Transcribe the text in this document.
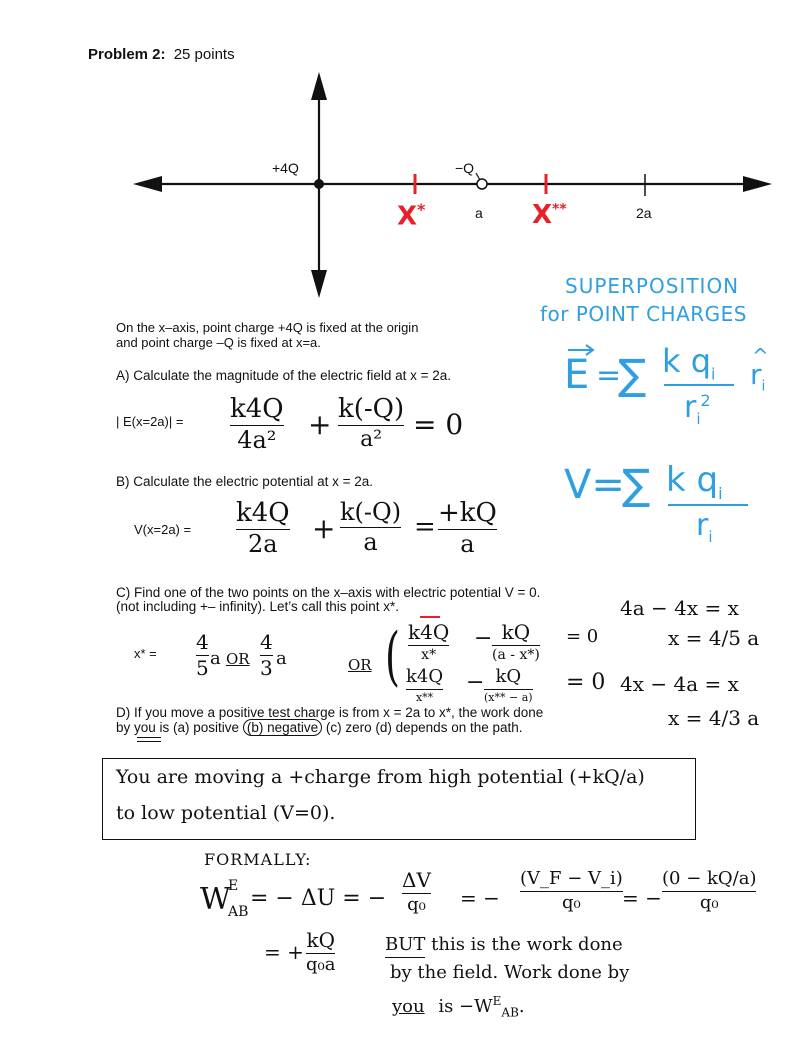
Problem 2: 25 points
+4Q	−Q
a	2a
X*	X**
SUPERPOSITION
for POINT CHARGES
E =
∑ k $q_i$
$r_i^2$
^
$r_i$
V=
∑ k $q_i$
$r_i$
On the x–axis, point charge +4Q is fixed at the origin
and point charge –Q is fixed at x=a.
A) Calculate the magnitude of the electric field at x = 2a.
| E(x=2a)| = k4Q
4a² + k(-Q)
a² = 0
B) Calculate the electric potential at x = 2a.
V(x=2a) =
k4Q
2a + k(-Q)
a
= +kQ
a
C) Find one of the two points on the x–axis with electric potential V = 0.
(not including +– infinity). Let’s call this point x*.
x* = 4
5 a OR
4
3 a	OR ( k4Q
x*
− kQ
(a - x*)
= 0
k4Q
x**
− kQ
(x** − a)
= 0
4a − 4x = x
x = 4/5 a
4x − 4a = x
x = 4/3 a
D) If you move a positive test charge is from x = 2a to x*, the work done
by you is (a) positive (b) negative (c) zero (d) depends on the path.
You are moving a +charge from high potential (+kQ/a)
to low potential (V=0).
FORMALLY:
W
E
AB
= − ΔU = −
ΔV
q₀ = −
(V_F − V_i)
q₀ = −
(0 − kQ/a)
q₀
= + kQ
q₀a
BUT this is the work done
by the field. Work done by
you is $-W^E_{AB}$.
